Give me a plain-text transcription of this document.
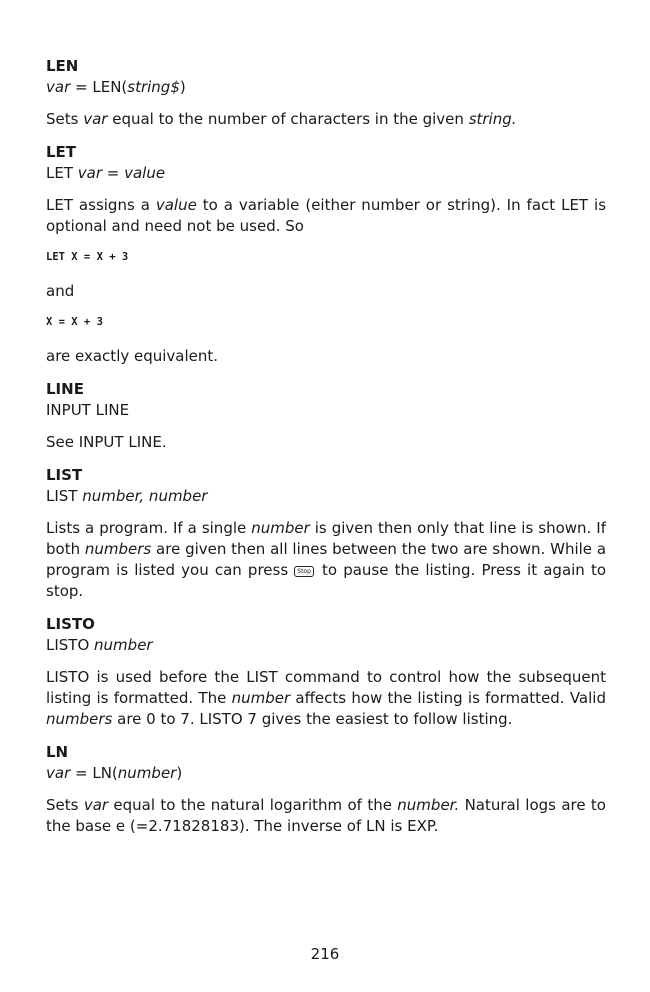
LEN

var = LEN(string$)

Sets var equal to the number of characters in the given string.

LET

LET var = value

LET assigns a value to a variable (either number or string). In fact LET is optional and need not be used. So

LET X = X + 3

and

X = X + 3

are exactly equivalent.

LINE

INPUT LINE

See INPUT LINE.

LIST

LIST number, number

Lists a program. If a single number is given then only that line is shown. If both numbers are given then all lines between the two are shown. While a program is listed you can press Stop to pause the listing. Press it again to stop.

LISTO

LISTO number

LISTO is used before the LIST command to control how the subsequent listing is formatted. The number affects how the listing is formatted. Valid numbers are 0 to 7. LISTO 7 gives the easiest to follow listing.

LN

var = LN(number)

Sets var equal to the natural logarithm of the number. Natural logs are to the base e (=2.71828183). The inverse of LN is EXP.

216
